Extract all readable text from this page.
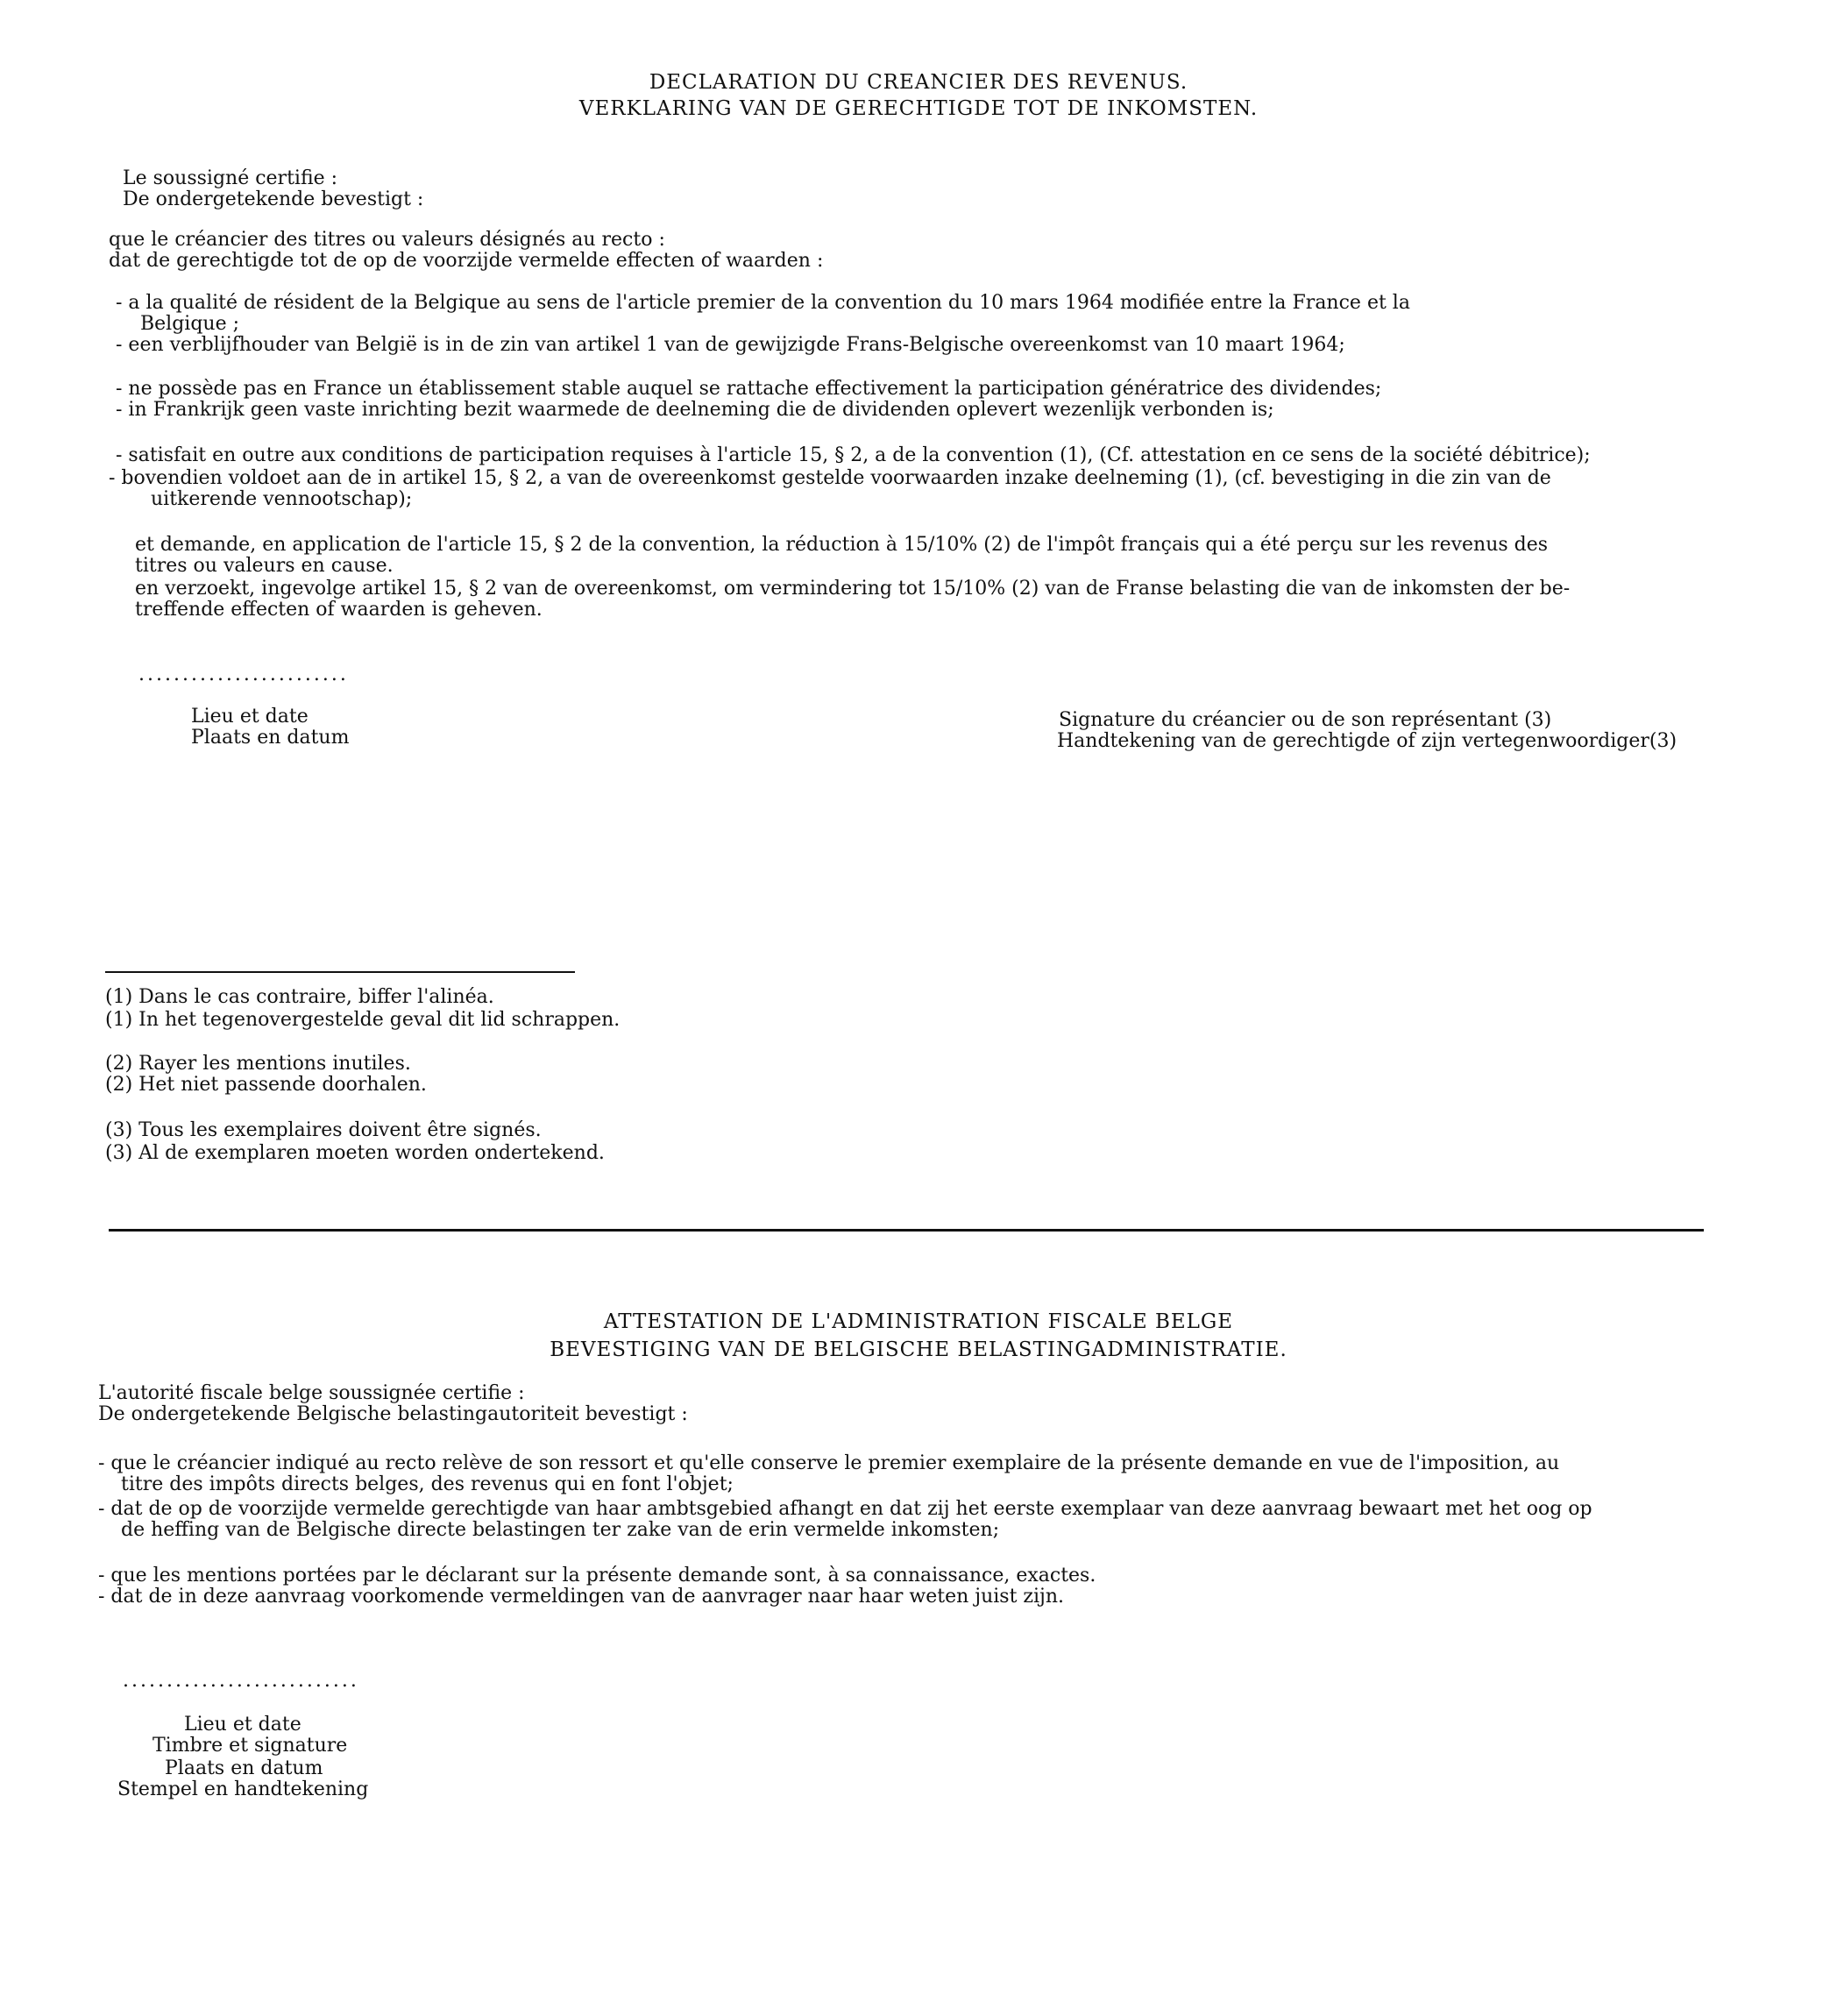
DECLARATION DU CREANCIER DES REVENUS.
VERKLARING VAN DE GERECHTIGDE TOT DE INKOMSTEN.
Le soussigné certifie :
De ondergetekende bevestigt :
que le créancier des titres ou valeurs désignés au recto :
dat de gerechtigde tot de op de voorzijde vermelde effecten of waarden :
- a la qualité de résident de la Belgique au sens de l'article premier de la convention du 10 mars 1964 modifiée entre la France et la
Belgique ;
- een verblijfhouder van België is in de zin van artikel 1 van de gewijzigde Frans-Belgische overeenkomst van 10 maart 1964;
- ne possède pas en France un établissement stable auquel se rattache effectivement la participation génératrice des dividendes;
- in Frankrijk geen vaste inrichting bezit waarmede de deelneming die de dividenden oplevert wezenlijk verbonden is;
- satisfait en outre aux conditions de participation requises à l'article 15, § 2, a de la convention (1), (Cf. attestation en ce sens de la société débitrice);
- bovendien voldoet aan de in artikel 15, § 2, a van de overeenkomst gestelde voorwaarden inzake deelneming (1), (cf. bevestiging in die zin van de
uitkerende vennootschap);
et demande, en application de l'article 15, § 2 de la convention, la réduction à 15/10% (2) de l'impôt français qui a été perçu sur les revenus des
titres ou valeurs en cause.
en verzoekt, ingevolge artikel 15, § 2 van de overeenkomst, om vermindering tot 15/10% (2) van de Franse belasting die van de inkomsten der be-
treffende effecten of waarden is geheven.
........................
Lieu et date
Plaats en datum
Signature du créancier ou de son représentant (3)
Handtekening van de gerechtigde of zijn vertegenwoordiger(3)
(1) Dans le cas contraire, biffer l'alinéa.
(1) In het tegenovergestelde geval dit lid schrappen.
(2) Rayer les mentions inutiles.
(2) Het niet passende doorhalen.
(3) Tous les exemplaires doivent être signés.
(3) Al de exemplaren moeten worden ondertekend.
ATTESTATION DE L'ADMINISTRATION FISCALE BELGE
BEVESTIGING VAN DE BELGISCHE BELASTINGADMINISTRATIE.
L'autorité fiscale belge soussignée certifie :
De ondergetekende Belgische belastingautoriteit bevestigt :
- que le créancier indiqué au recto relève de son ressort et qu'elle conserve le premier exemplaire de la présente demande en vue de l'imposition, au
titre des impôts directs belges, des revenus qui en font l'objet;
- dat de op de voorzijde vermelde gerechtigde van haar ambtsgebied afhangt en dat zij het eerste exemplaar van deze aanvraag bewaart met het oog op
de heffing van de Belgische directe belastingen ter zake van de erin vermelde inkomsten;
- que les mentions portées par le déclarant sur la présente demande sont, à sa connaissance, exactes.
- dat de in deze aanvraag voorkomende vermeldingen van de aanvrager naar haar weten juist zijn.
...........................
Lieu et date
Timbre et signature
Plaats en datum
Stempel en handtekening
